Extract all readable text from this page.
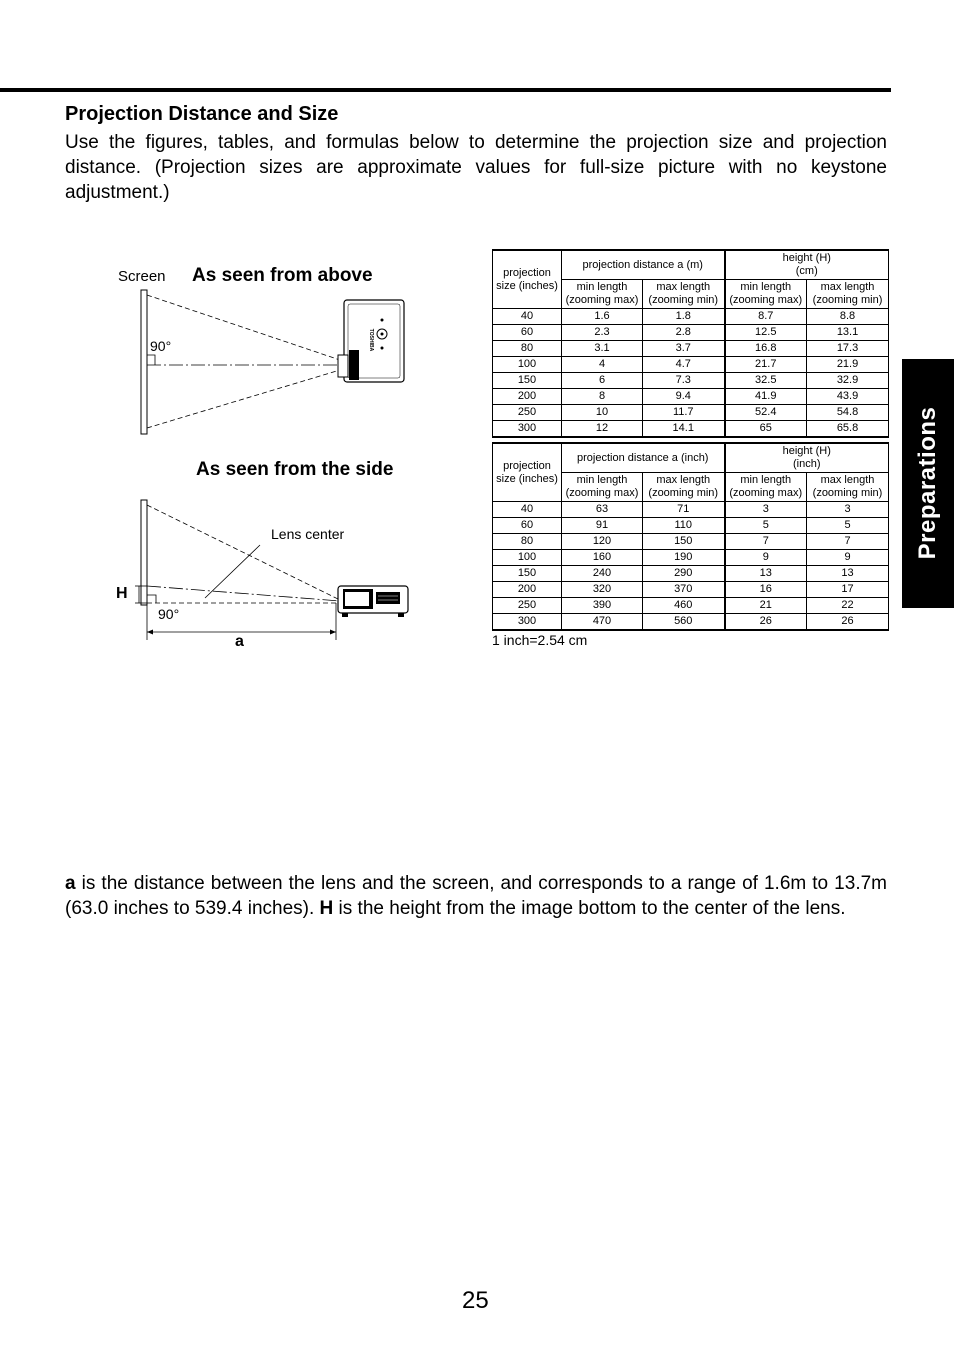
Projection Distance and Size

Use the figures, tables, and formulas below to determine the projection size and projection distance. (Projection sizes are approximate values for full-size picture with no keystone adjustment.)

Preparations
TOSHIBA
Screen As seen from above
90°
As seen from the side
Lens center
H
90°
a
projection size (inches)	projection distance a (m)		height (H)
(cm)	
	min length (zooming max)	max length (zooming min)	min length (zooming max)	max length (zooming min)
40	1.6	1.8	8.7	8.8
60	2.3	2.8	12.5	13.1
80	3.1	3.7	16.8	17.3
100	4	4.7	21.7	21.9
150	6	7.3	32.5	32.9
200	8	9.4	41.9	43.9
250	10	11.7	52.4	54.8
300	12	14.1	65	65.8
projection size (inches)	projection distance a (inch)		height (H)
(inch)	
	min length (zooming max)	max length (zooming min)	min length (zooming max)	max length (zooming min)
40	63	71	3	3
60	91	110	5	5
80	120	150	7	7
100	160	190	9	9
150	240	290	13	13
200	320	370	16	17
250	390	460	21	22
300	470	560	26	26
1 inch=2.54 cm

a is the distance between the lens and the screen, and corresponds to a range of 1.6m to 13.7m (63.0 inches to 539.4 inches). H is the height from the image bottom to the center of the lens.

25
